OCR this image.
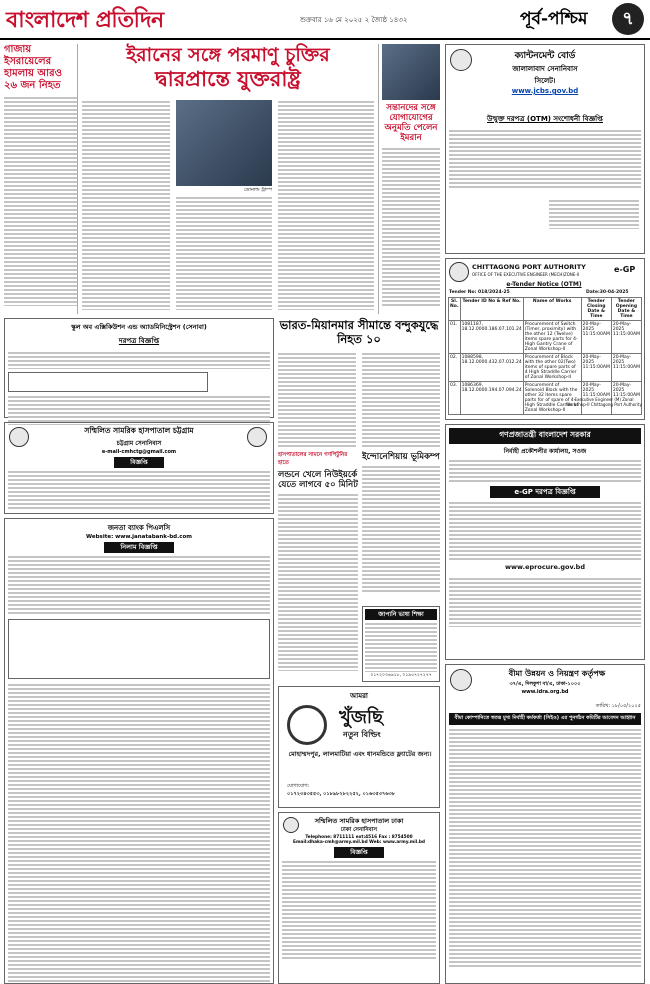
বাংলাদেশ প্রতিদিন	শুক্রবার ১৬ মে ২০২৫ ২ জ্যৈষ্ঠ ১৪৩২	পূর্ব-পশ্চিম	৭
গাজায় ইসরায়েলের হামলায় আরও ২৬ জন নিহত
ইরানের সঙ্গে পরমাণু চুক্তির
দ্বারপ্রান্তে যুক্তরাষ্ট্র
ডোনাল্ড ট্রাম্প
সন্তানদের সঙ্গে যোগাযোগের অনুমতি পেলেন ইমরান
ক্যান্টনমেন্ট বোর্ড
জালালাবাদ সেনানিবাস
সিলেট।
www.jcbs.gov.bd
উন্মুক্ত দরপত্র (OTM) সংশোধনী বিজ্ঞপ্তি
CHITTAGONG PORT AUTHORITY
OFFICE OF THE EXECUTIVE ENGINEER (MECH)ZONE-II
e-GP
e-Tender Notice (OTM)
Tender No: 018/2024-25	Date:30-04-2025
Sl. No.	Tender ID No & Ref No.	Name of Works	Tender Closing Date & Time	Tender Opening Date & Time
01.	1081187, 18.12.0000.186.07.101.24	Procurement of Switch (Timer, proximity) with the other 12 (Twelve) items spare parts for 4-High Gantry Crane of Zonal Workshop-II	20-May-2025 11:15:00AM	20-May-2025 11:15:00AM
02.	1088598, 18.12.0000.432.07.012.24	Procurement of Block with the other 02(Two) items of spare parts of 4 High Straddle Carrier of Zonal Workshop-II	20-May-2025 11:15:00AM	20-May-2025 11:15:00AM
03.	1086369, 18.12.0000.194.07.094.24	Procurement of Solenoid Block with the other 32 items spare parts for of spare of 4-High Straddle Carrier of Zonal Workshop-II	20-May-2025 11:15:00AM	20-May-2025 11:15:00AM
Executive Engineer (M) Zonal Workshop-II Chittagong Port Authority
স্কুল অব এক্সিকিউশন এন্ড অ্যাডমিনিস্ট্রেশন (সেনাবা)
দরপত্র বিজ্ঞপ্তি
ভারত-মিয়ানমার সীমান্তে বন্দুকযুদ্ধে নিহত ১০
সম্মিলিত সামরিক হাসপাতাল চট্টগ্রাম
চট্টগ্রাম সেনানিবাস
e-mail-cmhctg@gmail.com
বিজ্ঞপ্তি
জনতা ব্যাংক পিএলসি
Website: www.janatabank-bd.com
নিলাম বিজ্ঞপ্তি
হাসপাতালের সামনে গণপিটুনির হাতে
লন্ডনে খেলে নিউইয়র্কে যেতে লাগবে ৫০ মিনিট
ইন্দোনেশিয়ায় ভূমিকম্প
জাপানি ভাষা শিক্ষা
০১৭২০৩৬৬১৮, ০১৯৫৭২৭২৭৭
আমরা
খুঁজছি
নতুন বিল্ডিং
মোহাম্মদপুর, লালমাটিয়া এবং ধানমন্ডিতে ফ্ল্যাটের জন্য।
যোগাযোগ:
০১৭২৩৪৩৫৫৩, ০১৮৯৮২৮২২৫২, ০১৬৩৫৩৭৬৩৮
সম্মিলিত সামরিক হাসপাতাল ঢাকা
ঢাকা সেনানিবাস
Telephone: 8711111 ext:4516 Fax : 8754500
Email:dhaka-cmh@army.mil.bd Web: www.army.mil.bd
বিজ্ঞপ্তি
গণপ্রজাতন্ত্রী বাংলাদেশ সরকার
নির্বাহী প্রকৌশলীর কার্যালয়, সওজ
e-GP দরপত্র বিজ্ঞপ্তি
www.eprocure.gov.bd
বীমা উন্নয়ন ও নিয়ন্ত্রণ কর্তৃপক্ষ
৩৭/এ, দিলকুশা বা/এ, ঢাকা-১০০০
www.idra.org.bd
তারিখ: ১৮/০৫/২০২৫
বীমা কোম্পানিতে স্বতন্ত্র মুখ্য নির্বাহী কর্মকর্তা (সিইও) এর পুনর্গঠন কমিটির আবেদন আহ্বান
